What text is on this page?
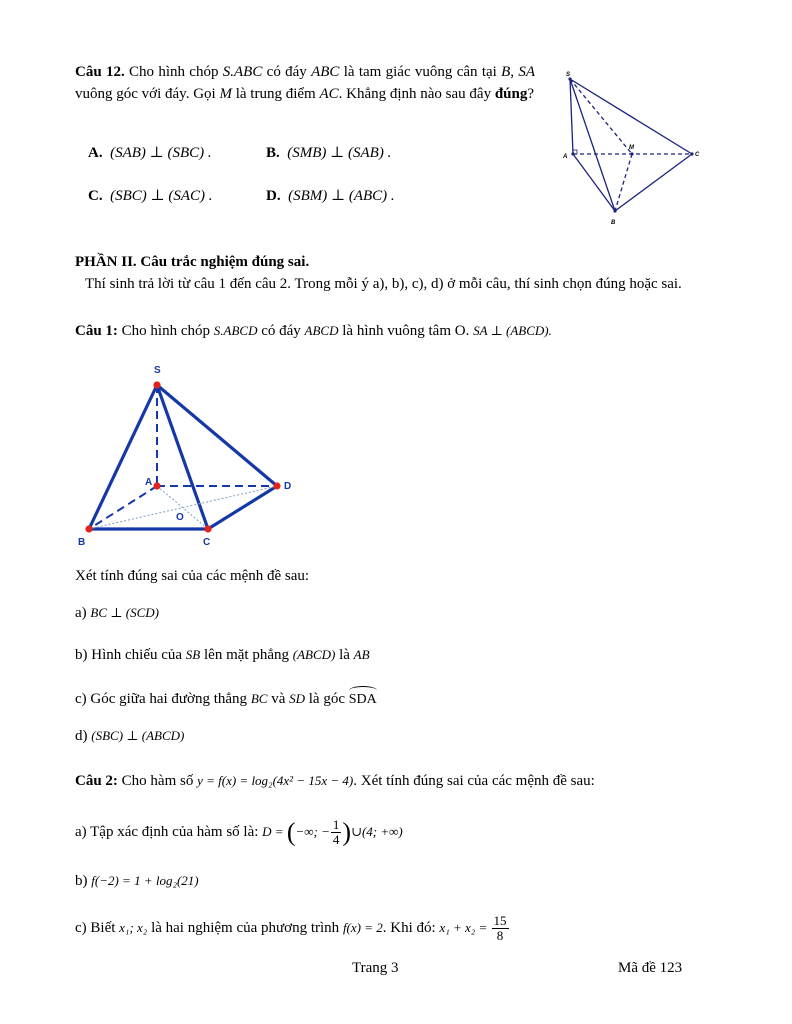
Câu 12. Cho hình chóp S.ABC có đáy ABC là tam giác vuông cân tại B, SA vuông góc với đáy. Gọi M là trung điểm AC. Khẳng định nào sau đây đúng?
A. (SAB) ⊥ (SBC) .	B. (SMB) ⊥ (SAB) .
C. (SBC) ⊥ (SAC) .	D. (SBM) ⊥ (ABC) .
S
A
M
C
B
PHẦN II. Câu trắc nghiệm đúng sai.
Thí sinh trả lời từ câu 1 đến câu 2. Trong mỗi ý a), b), c), d) ở mỗi câu, thí sinh chọn đúng hoặc sai.
Câu 1: Cho hình chóp S.ABCD có đáy ABCD là hình vuông tâm O. SA ⊥ (ABCD).
S
A	D
O
B	C
Xét tính đúng sai của các mệnh đề sau:
a) BC ⊥ (SCD)
b) Hình chiếu của SB lên mặt phẳng (ABCD) là AB
c) Góc giữa hai đường thẳng BC và SD là góc
SDA
d) (SBC) ⊥ (ABCD)
Câu 2: Cho hàm số y = f(x) = log₂(4x² − 15x − 4). Xét tính đúng sai của các mệnh đề sau:
a) Tập xác định của hàm số là: D = (−∞; − $\frac{1}{4}$ )∪(4; +∞)
b) f(−2) = 1 + log₂(21)
c) Biết x₁; x₂ là hai nghiệm của phương trình f(x) = 2. Khi đó: $x_1 + x_2 = \frac{15}{8}$
Trang 3	Mã đề 123
